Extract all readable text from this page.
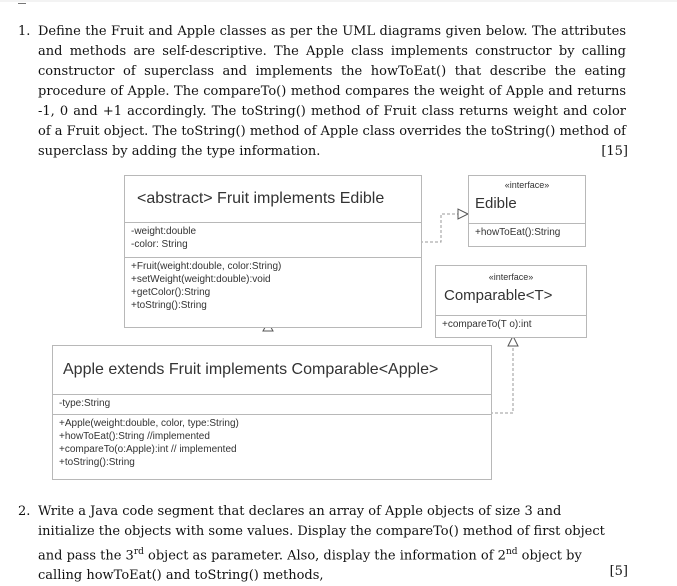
1. Define the Fruit and Apple classes as per the UML diagrams given below. The attributes and methods are self-descriptive. The Apple class implements constructor by calling constructor of superclass and implements the howToEat() that describe the eating procedure of Apple. The compareTo() method compares the weight of Apple and returns -1, 0 and +1 accordingly. The toString() method of Fruit class returns weight and color of a Fruit object. The toString() method of Apple class overrides the toString() method of superclass by adding the type information.	[15]
<abstract> Fruit implements Edible
-weight:double
-color: String
+Fruit(weight:double, color:String)
+setWeight(weight:double):void
+getColor():String
+toString():String
«interface»
Edible
+howToEat():String
«interface»
Comparable<T>
+compareTo(T o):int
Apple extends Fruit implements Comparable<Apple>
-type:String
+Apple(weight:double, color, type:String)
+howToEat():String //implemented
+compareTo(o:Apple):int // implemented
+toString():String
2. Write a Java code segment that declares an array of Apple objects of size 3 and
initialize the objects with some values. Display the compareTo() method of first object
and pass the 3rd object as parameter. Also, display the information of 2nd object by
calling howToEat() and toString() methods,	[5]
